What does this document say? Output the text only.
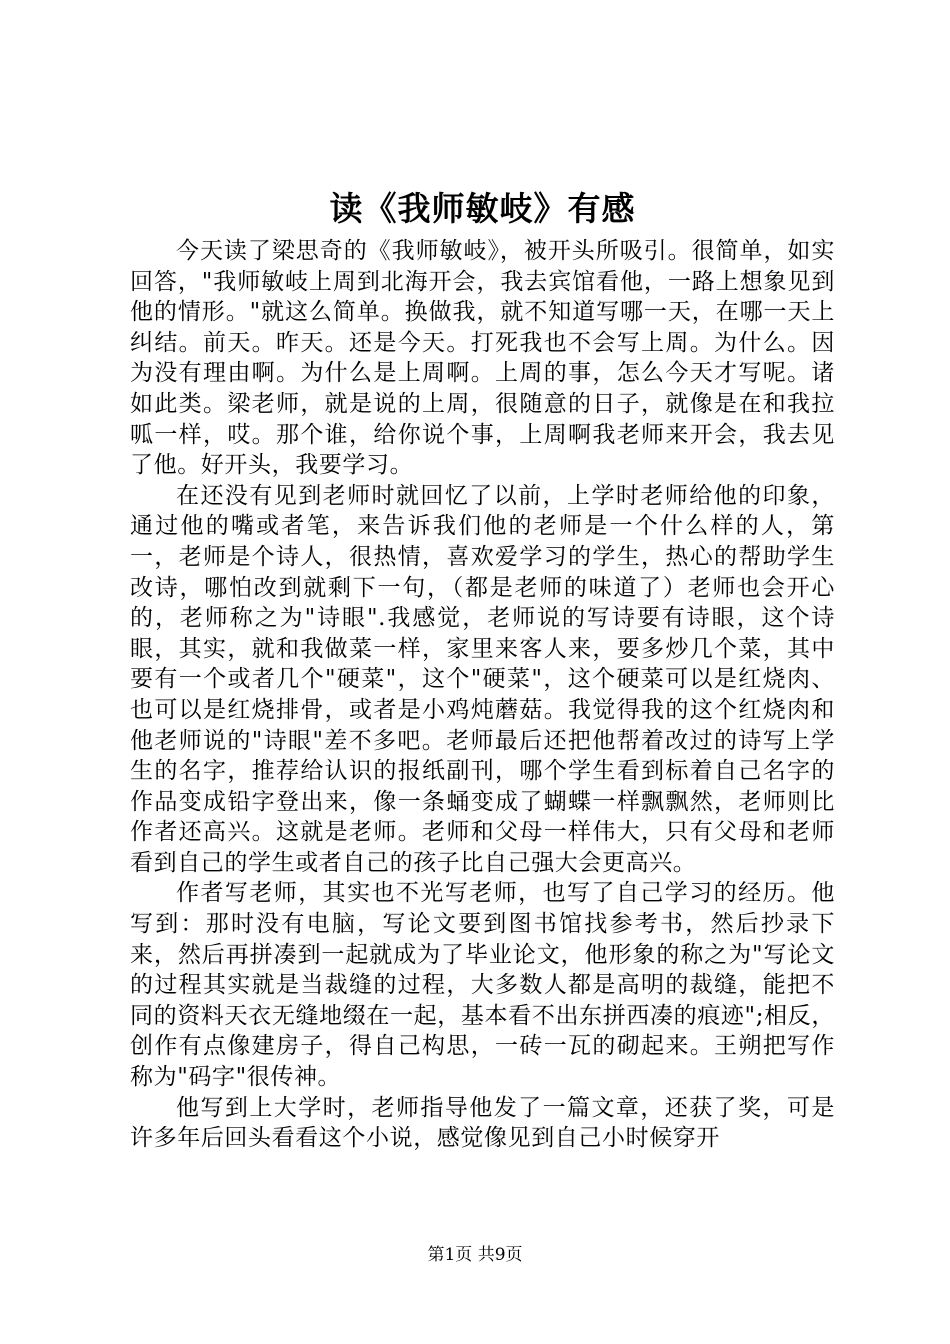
读《我师敏岐》有感

今天读了梁思奇的《我师敏岐》，被开头所吸引。很简单，如实回答，"我师敏岐上周到北海开会，我去宾馆看他，一路上想象见到他的情形。"就这么简单。换做我，就不知道写哪一天，在哪一天上纠结。前天。昨天。还是今天。打死我也不会写上周。为什么。因为没有理由啊。为什么是上周啊。上周的事，怎么今天才写呢。诸如此类。梁老师，就是说的上周，很随意的日子，就像是在和我拉呱一样，哎。那个谁，给你说个事，上周啊我老师来开会，我去见了他。好开头，我要学习。

在还没有见到老师时就回忆了以前，上学时老师给他的印象，通过他的嘴或者笔，来告诉我们他的老师是一个什么样的人，第一，老师是个诗人，很热情，喜欢爱学习的学生，热心的帮助学生改诗，哪怕改到就剩下一句，（都是老师的味道了）老师也会开心的，老师称之为"诗眼".我感觉，老师说的写诗要有诗眼，这个诗眼，其实，就和我做菜一样，家里来客人来，要多炒几个菜，其中要有一个或者几个"硬菜"，这个"硬菜"，这个硬菜可以是红烧肉、也可以是红烧排骨，或者是小鸡炖蘑菇。我觉得我的这个红烧肉和他老师说的"诗眼"差不多吧。老师最后还把他帮着改过的诗写上学生的名字，推荐给认识的报纸副刊，哪个学生看到标着自己名字的作品变成铅字登出来，像一条蛹变成了蝴蝶一样飘飘然，老师则比作者还高兴。这就是老师。老师和父母一样伟大，只有父母和老师看到自己的学生或者自己的孩子比自己强大会更高兴。

作者写老师，其实也不光写老师，也写了自己学习的经历。他写到：那时没有电脑，写论文要到图书馆找参考书，然后抄录下来，然后再拼凑到一起就成为了毕业论文，他形象的称之为"写论文的过程其实就是当裁缝的过程，大多数人都是高明的裁缝，能把不同的资料天衣无缝地缀在一起，基本看不出东拼西凑的痕迹";相反，创作有点像建房子，得自己构思，一砖一瓦的砌起来。王朔把写作称为"码字"很传神。

他写到上大学时，老师指导他发了一篇文章，还获了奖，可是许多年后回头看看这个小说，感觉像见到自己小时候穿开

第1页 共9页
